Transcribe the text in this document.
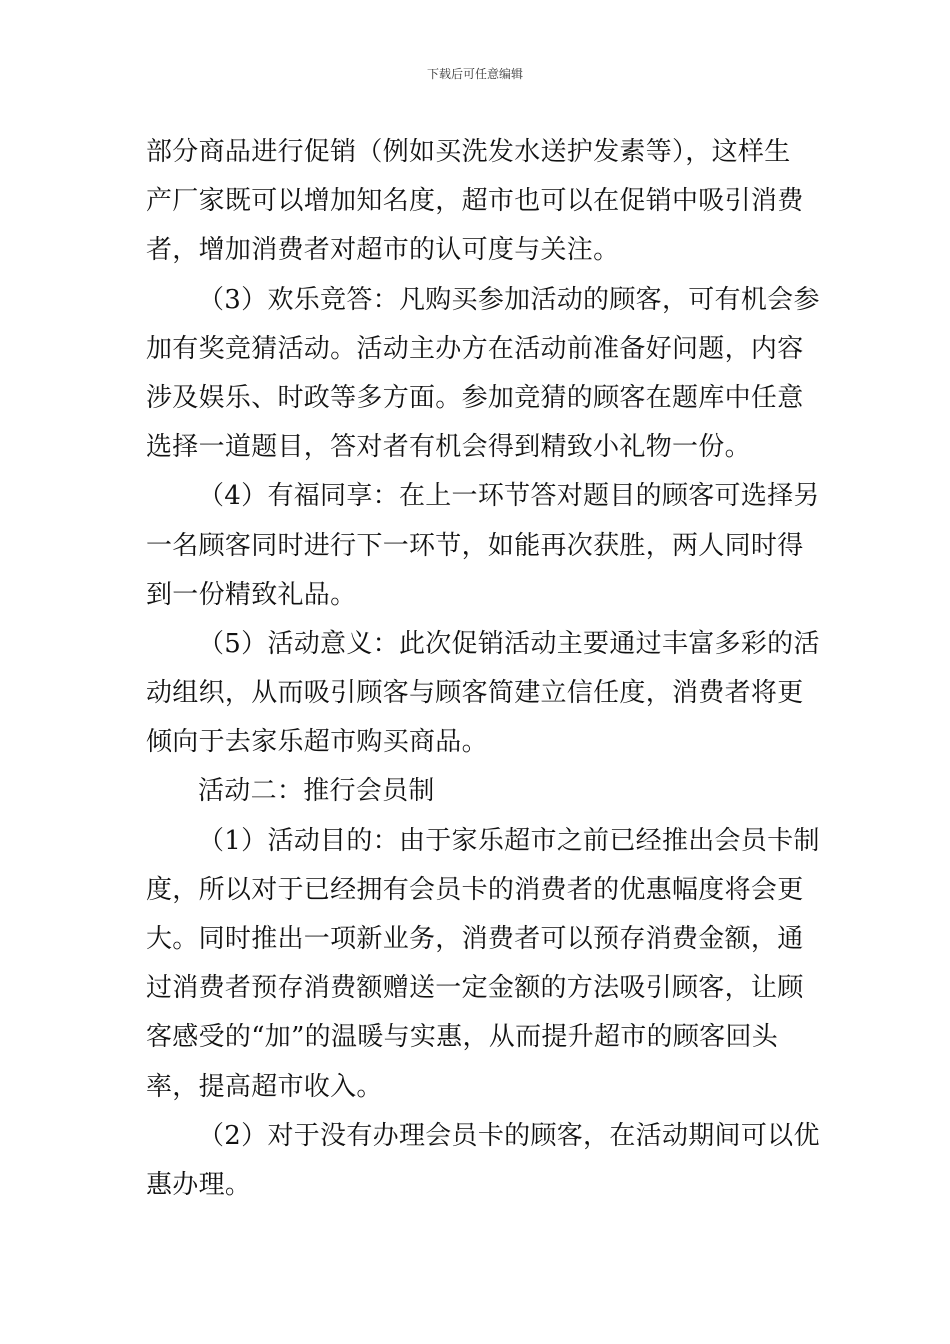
下载后可任意编辑

部分商品进行促销（例如买洗发水送护发素等），这样生
产厂家既可以增加知名度，超市也可以在促销中吸引消费
者，增加消费者对超市的认可度与关注。

（3）欢乐竞答：凡购买参加活动的顾客，可有机会参
加有奖竞猜活动。活动主办方在活动前准备好问题，内容
涉及娱乐、时政等多方面。参加竞猜的顾客在题库中任意
选择一道题目，答对者有机会得到精致小礼物一份。

（4）有福同享：在上一环节答对题目的顾客可选择另
一名顾客同时进行下一环节，如能再次获胜，两人同时得
到一份精致礼品。

（5）活动意义：此次促销活动主要通过丰富多彩的活
动组织，从而吸引顾客与顾客简建立信任度，消费者将更
倾向于去家乐超市购买商品。

活动二：推行会员制

（1）活动目的：由于家乐超市之前已经推出会员卡制
度，所以对于已经拥有会员卡的消费者的优惠幅度将会更
大。同时推出一项新业务，消费者可以预存消费金额，通
过消费者预存消费额赠送一定金额的方法吸引顾客，让顾
客感受的“加”的温暖与实惠，从而提升超市的顾客回头
率，提高超市收入。

（2）对于没有办理会员卡的顾客，在活动期间可以优
惠办理。
